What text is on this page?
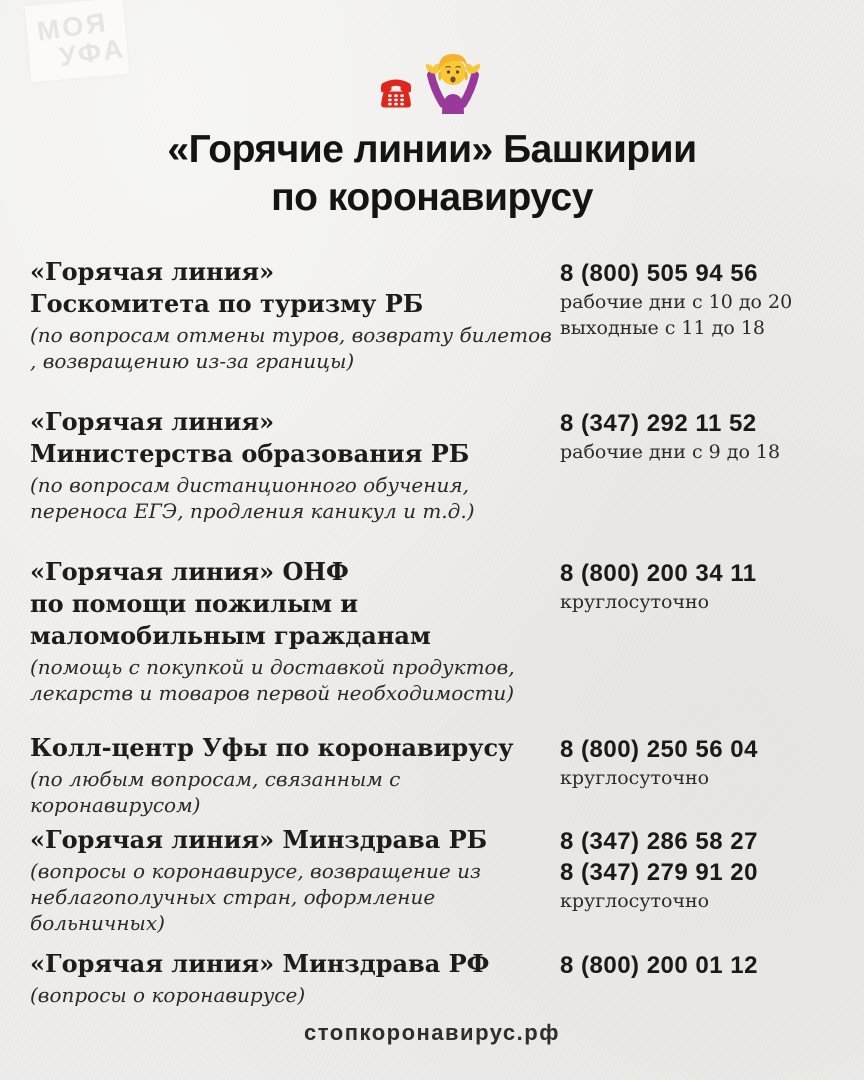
МОЯ
УФА
«Горячие линии» Башкирии
по коронавирусу
«Горячая линия»
Госкомитета по туризму РБ
(по вопросам отмены туров, возврату билетов , возвращению из-за границы)
8 (800) 505 94 56
рабочие дни с 10 до 20
выходные с 11 до 18
«Горячая линия»
Министерства образования РБ
(по вопросам дистанционного обучения, переноса ЕГЭ, продления каникул и т.д.)
8 (347) 292 11 52
рабочие дни с 9 до 18
«Горячая линия» ОНФ
по помощи пожилым и
маломобильным гражданам
(помощь с покупкой и доставкой продуктов, лекарств и товаров первой необходимости)
8 (800) 200 34 11
круглосуточно
Колл-центр Уфы по коронавирусу
(по любым вопросам, связанным с коронавирусом)
8 (800) 250 56 04
круглосуточно
«Горячая линия» Минздрава РБ
(вопросы о коронавирусе, возвращение из неблагополучных стран, оформление больничных)
8 (347) 286 58 27
8 (347) 279 91 20
круглосуточно
«Горячая линия» Минздрава РФ
(вопросы о коронавирусе)
8 (800) 200 01 12
стопкоронавирус.рф
